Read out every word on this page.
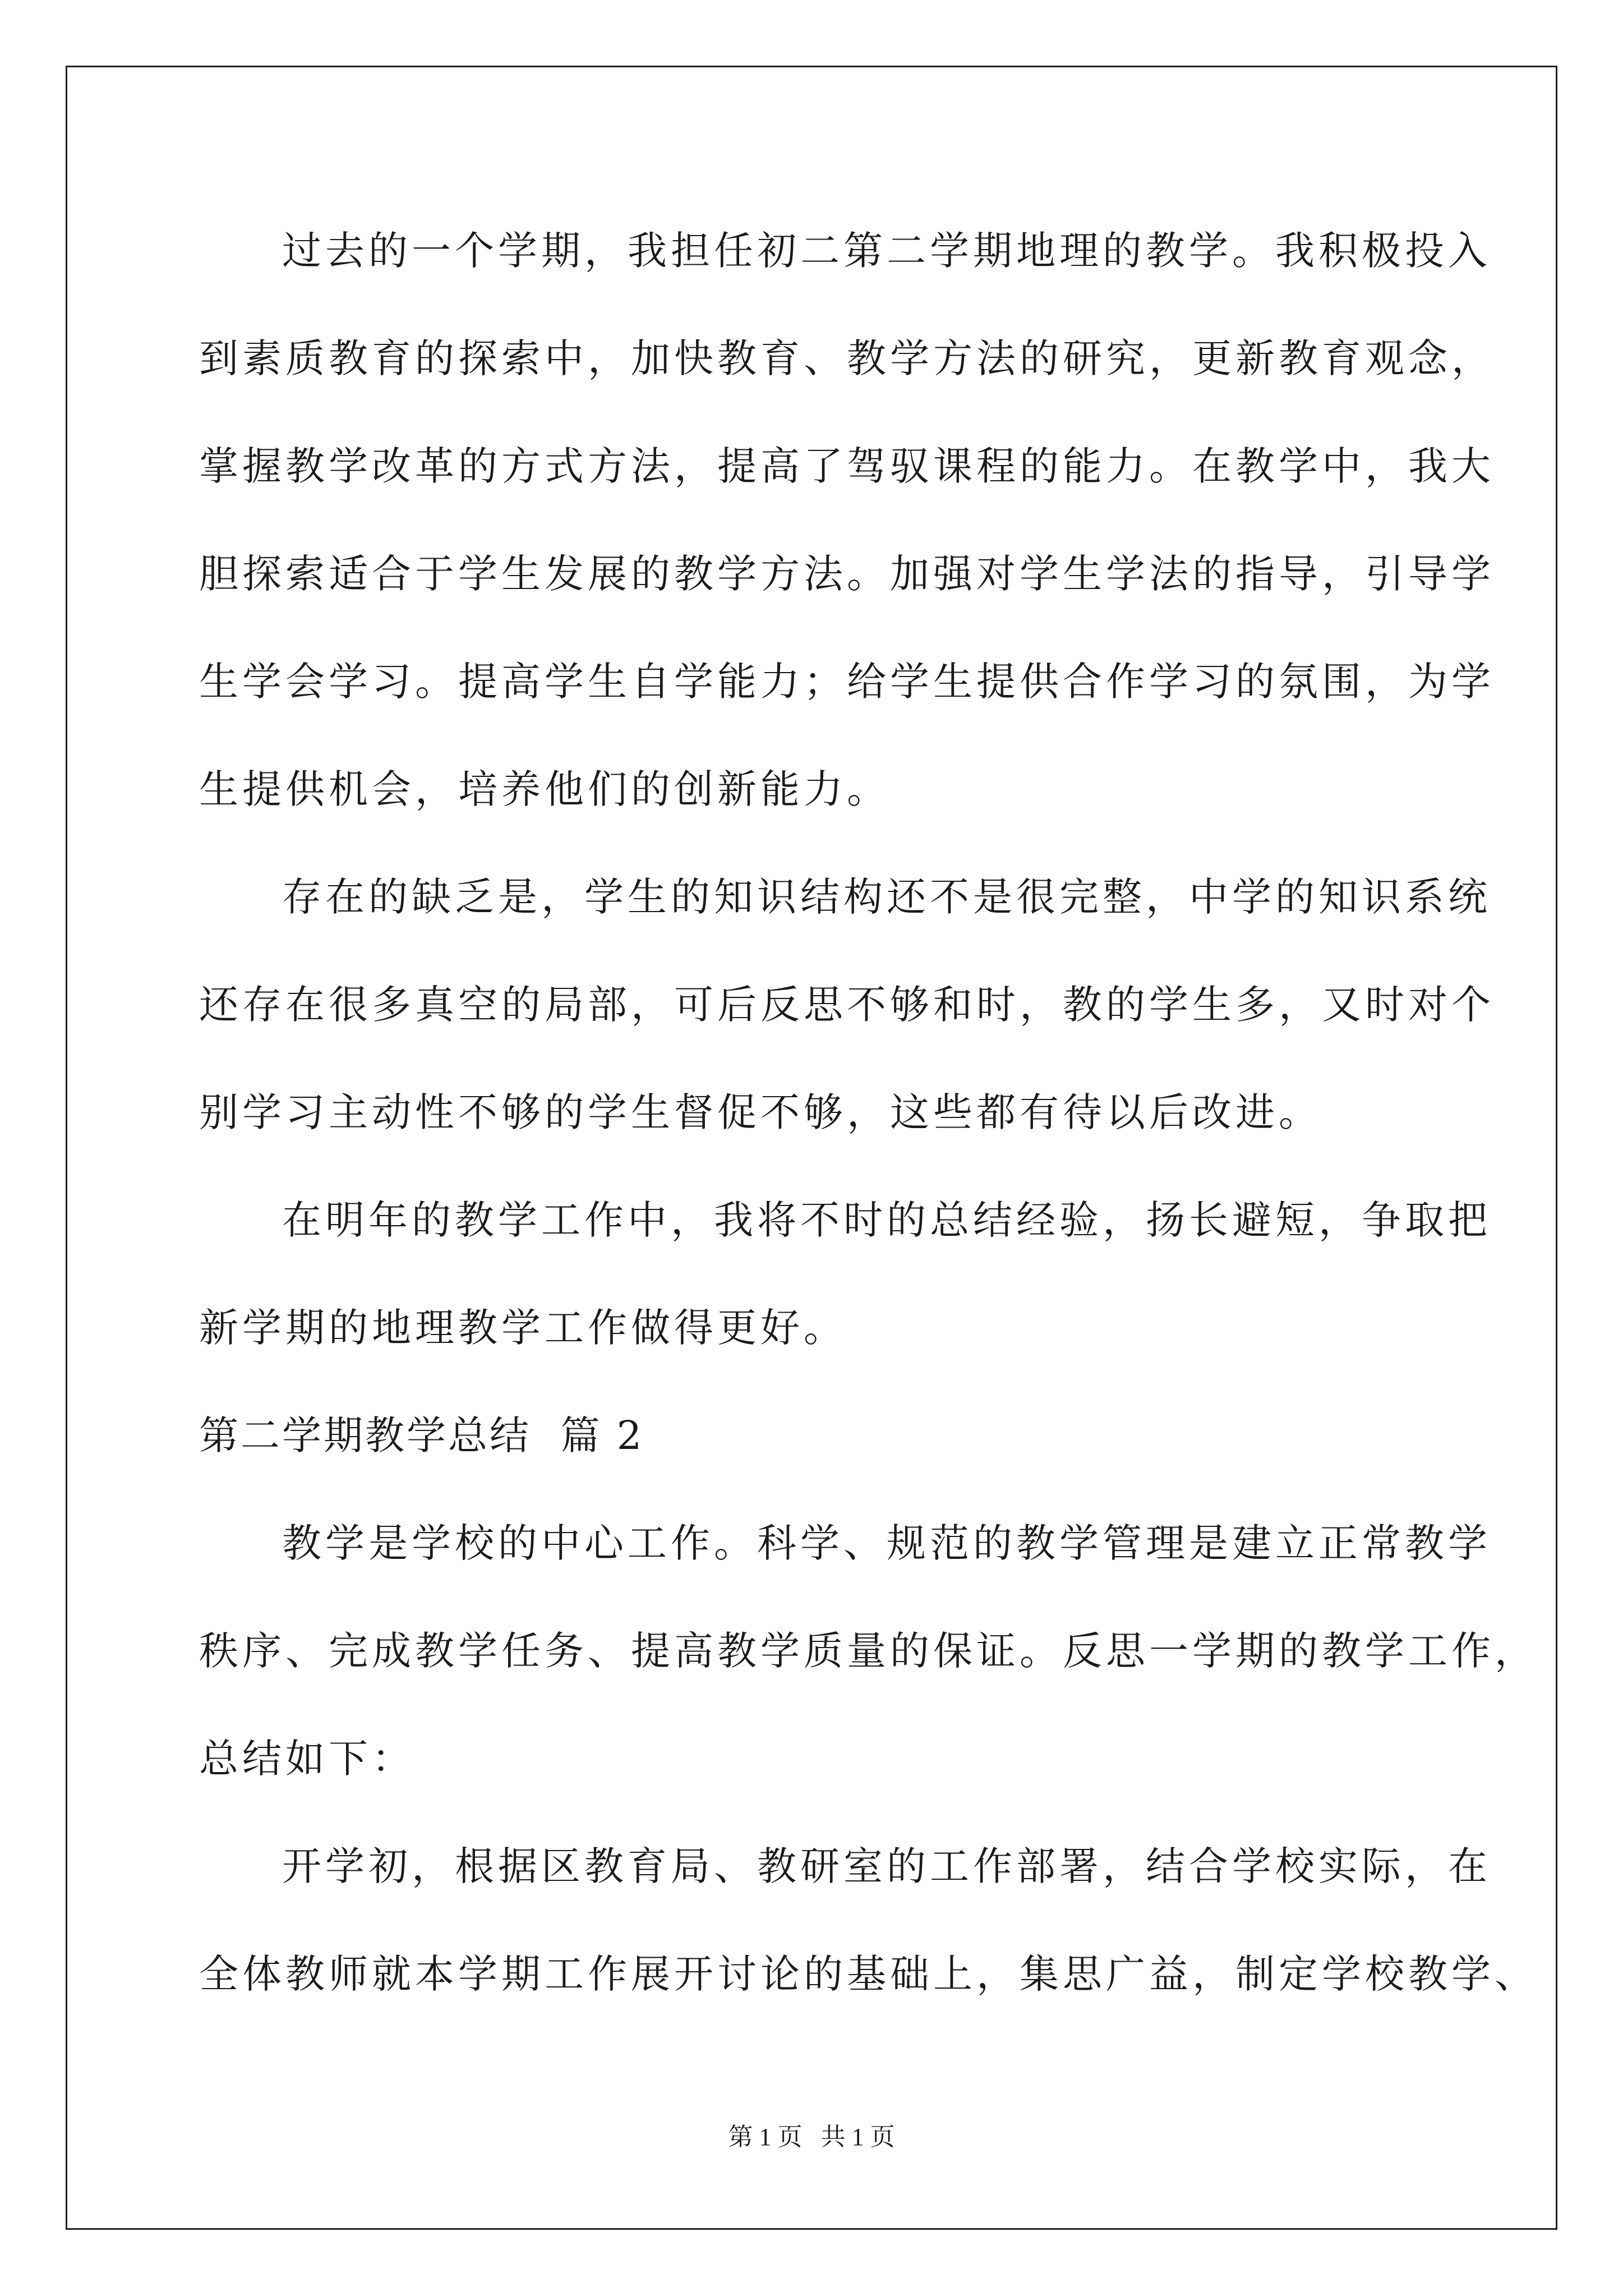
过去的一个学期，我担任初二第二学期地理的教学。我积极投入
到素质教育的探索中，加快教育、教学方法的研究，更新教育观念，
掌握教学改革的方式方法，提高了驾驭课程的能力。在教学中，我大
胆探索适合于学生发展的教学方法。加强对学生学法的指导，引导学
生学会学习。提高学生自学能力；给学生提供合作学习的氛围，为学
生提供机会，培养他们的创新能力。
存在的缺乏是，学生的知识结构还不是很完整，中学的知识系统
还存在很多真空的局部，可后反思不够和时，教的学生多，又时对个
别学习主动性不够的学生督促不够，这些都有待以后改进。
在明年的教学工作中，我将不时的总结经验，扬长避短，争取把
新学期的地理教学工作做得更好。
第二学期教学总结  篇 2
教学是学校的中心工作。科学、规范的教学管理是建立正常教学
秩序、完成教学任务、提高教学质量的保证。反思一学期的教学工作，
总结如下：
开学初，根据区教育局、教研室的工作部署，结合学校实际，在
全体教师就本学期工作展开讨论的基础上，集思广益，制定学校教学、
第 1 页   共 1 页
